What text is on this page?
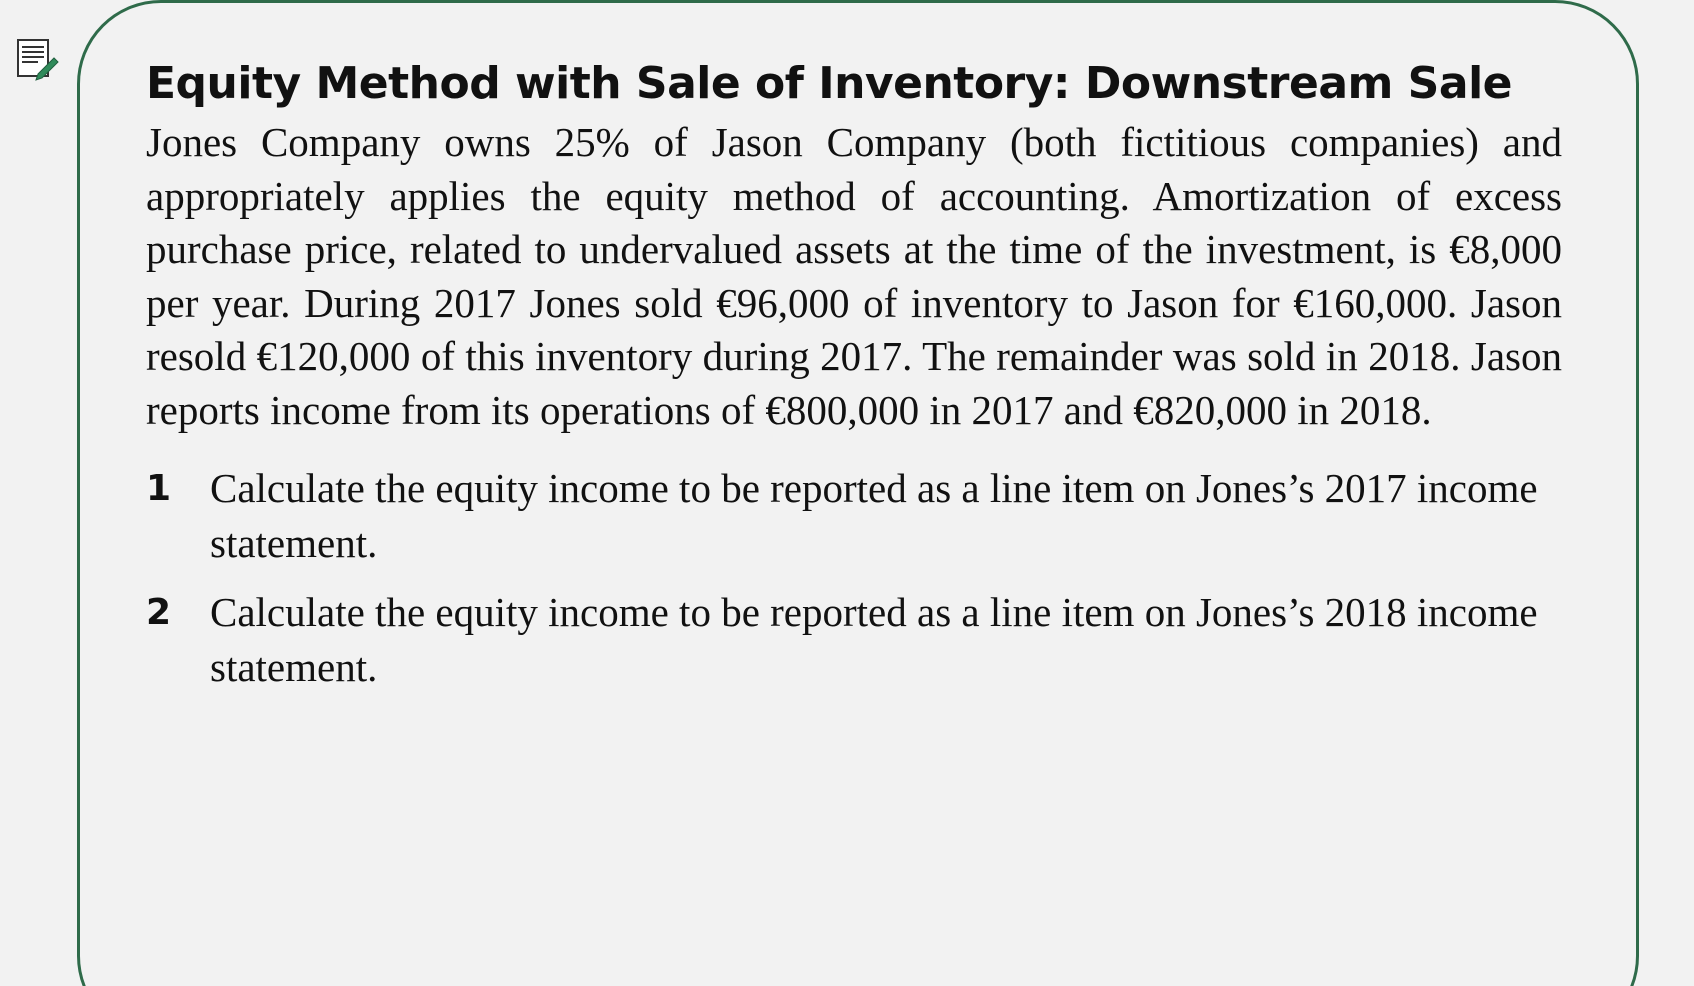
Equity Method with Sale of Inventory: Downstream Sale

Jones Company owns 25% of Jason Company (both fictitious companies) and appropriately applies the equity method of accounting. Amortization of excess purchase price, related to undervalued assets at the time of the investment, is €8,000 per year. During 2017 Jones sold €96,000 of inventory to Jason for €160,000. Jason resold €120,000 of this inventory during 2017. The remainder was sold in 2018. Jason reports income from its operations of €800,000 in 2017 and €820,000 in 2018.

1 Calculate the equity income to be reported as a line item on Jones’s 2017 income statement.
2 Calculate the equity income to be reported as a line item on Jones’s 2018 income statement.
